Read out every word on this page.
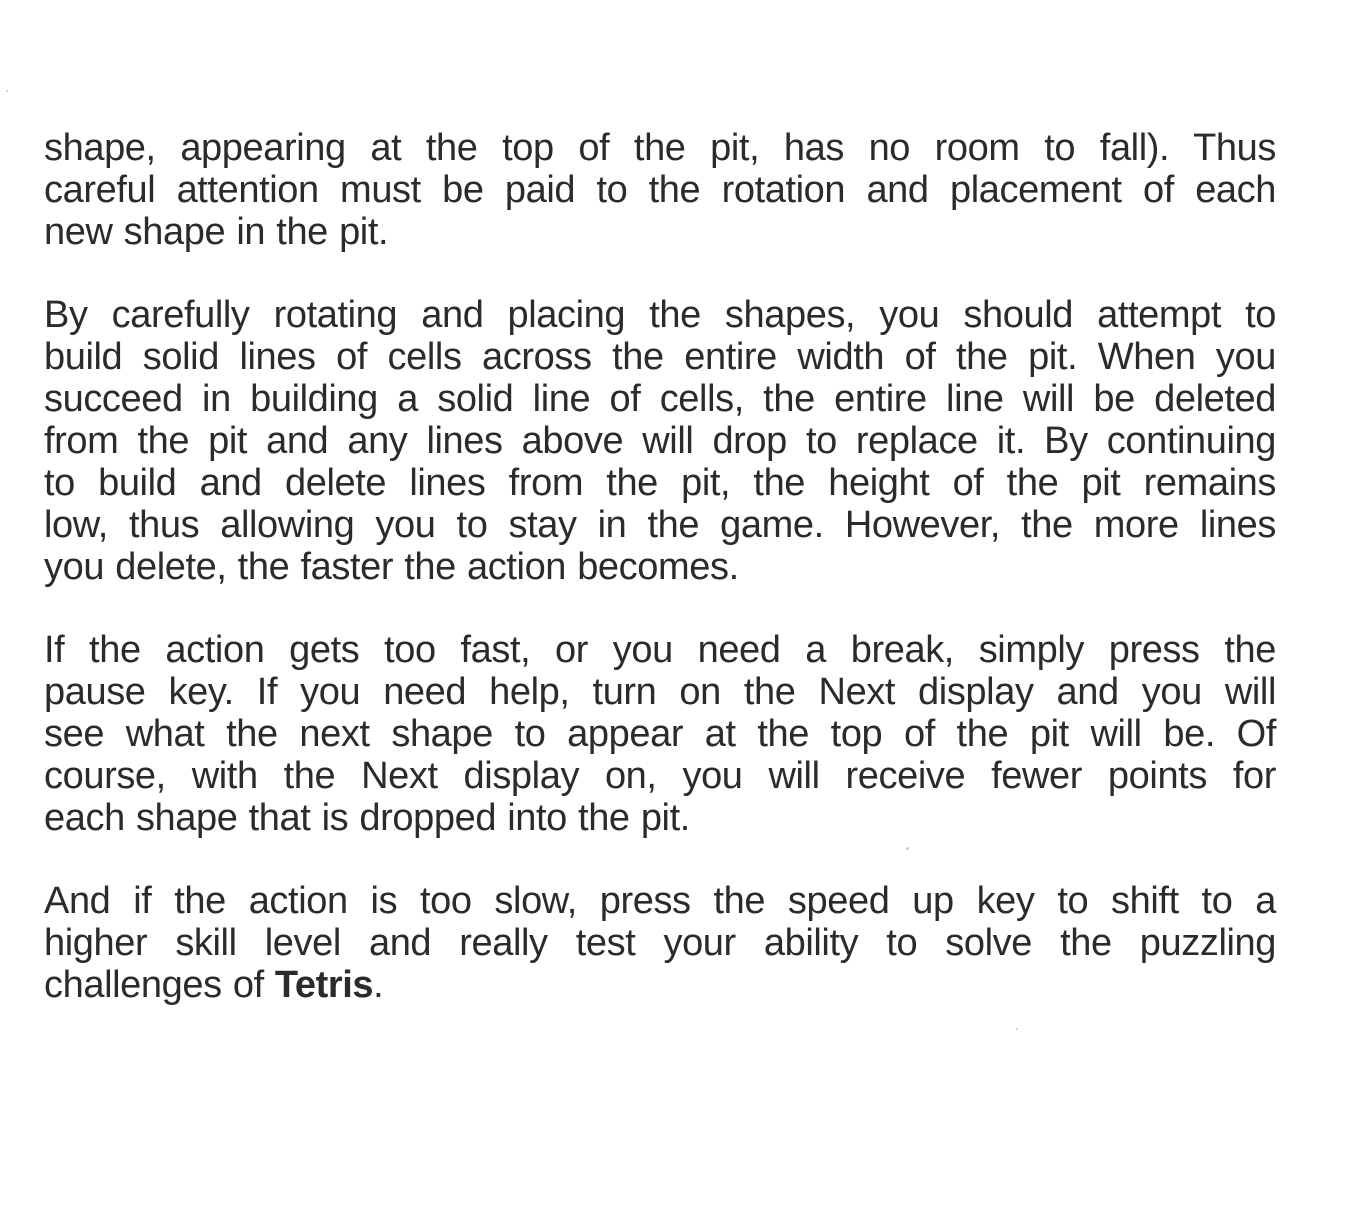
shape, appearing at the top of the pit, has no room to fall). Thus
careful attention must be paid to the rotation and placement of each
new shape in the pit.
By carefully rotating and placing the shapes, you should attempt to
build solid lines of cells across the entire width of the pit. When you
succeed in building a solid line of cells, the entire line will be deleted
from the pit and any lines above will drop to replace it. By continuing
to build and delete lines from the pit, the height of the pit remains
low, thus allowing you to stay in the game. However, the more lines
you delete, the faster the action becomes.
If the action gets too fast, or you need a break, simply press the
pause key. If you need help, turn on the Next display and you will
see what the next shape to appear at the top of the pit will be. Of
course, with the Next display on, you will receive fewer points for
each shape that is dropped into the pit.
And if the action is too slow, press the speed up key to shift to a
higher skill level and really test your ability to solve the puzzling
challenges of Tetris.
